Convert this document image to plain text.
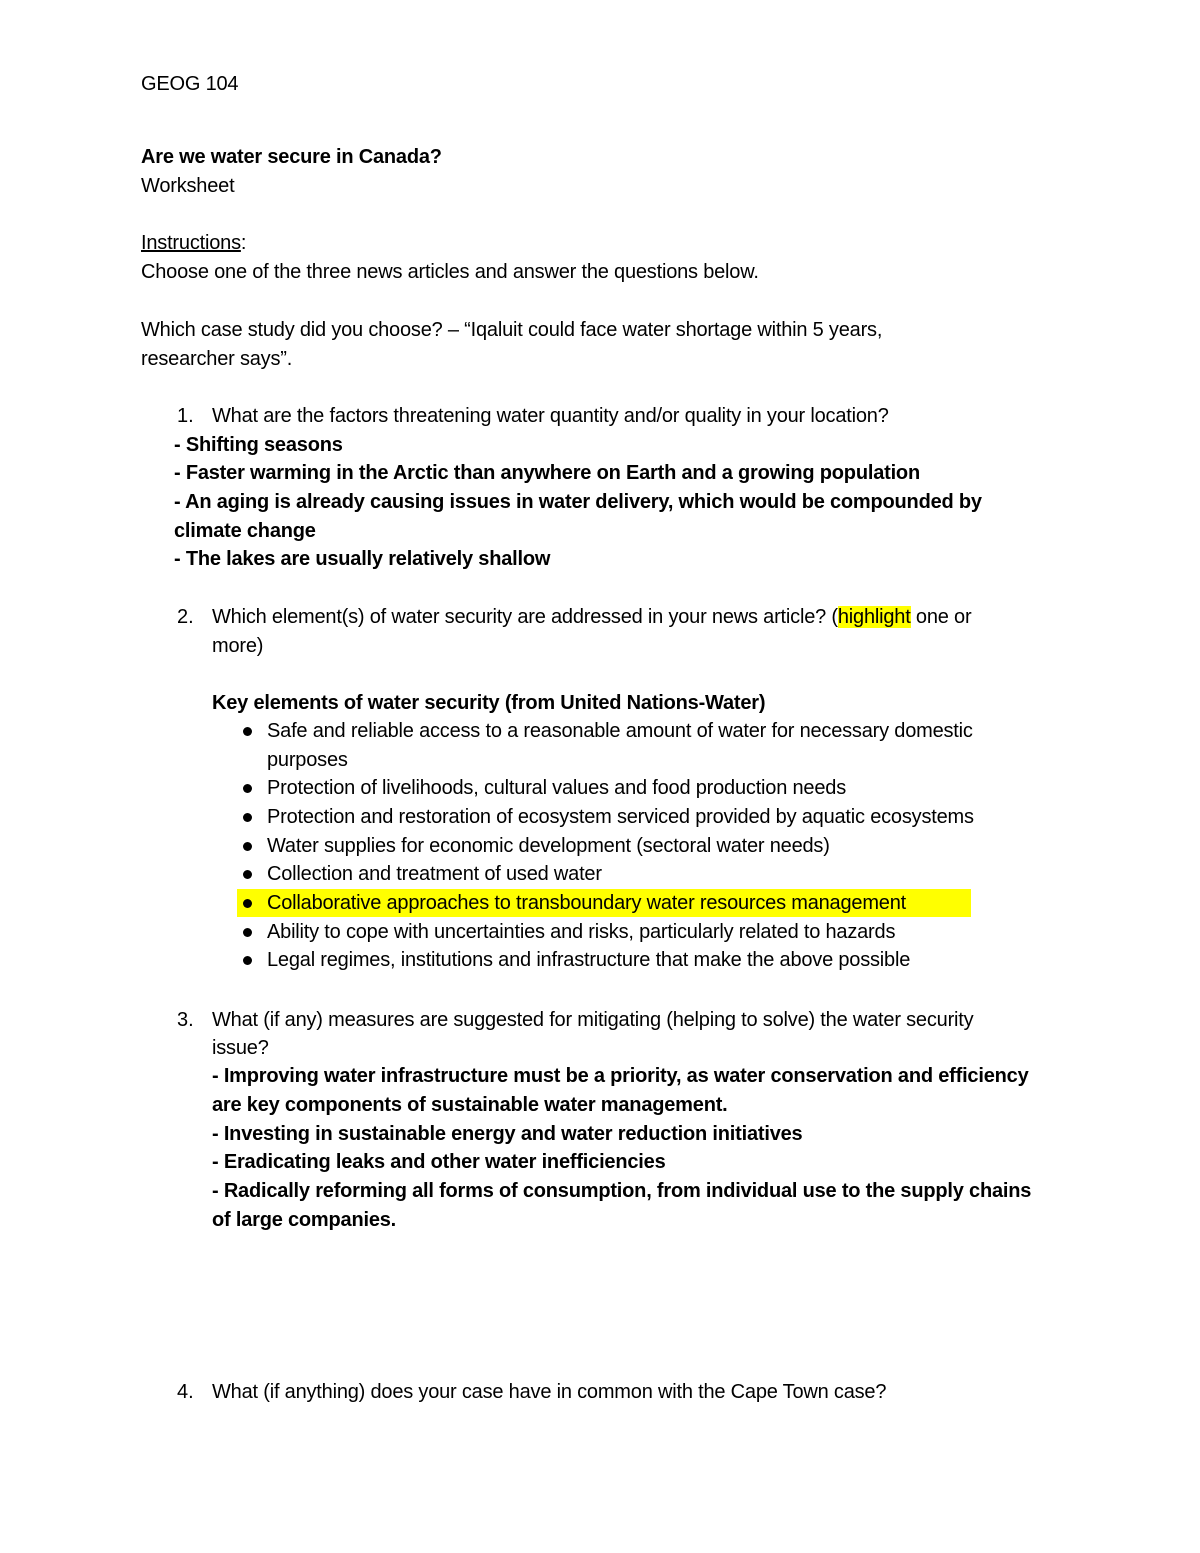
GEOG 104
Are we water secure in Canada?
Worksheet
Instructions:
Choose one of the three news articles and answer the questions below.
Which case study did you choose? – “Iqaluit could face water shortage within 5 years,
researcher says”.
1. What are the factors threatening water quantity and/or quality in your location?
- Shifting seasons
- Faster warming in the Arctic than anywhere on Earth and a growing population
- An aging is already causing issues in water delivery, which would be compounded by
climate change
- The lakes are usually relatively shallow
2. Which element(s) of water security are addressed in your news article? (highlight one or
more)
Key elements of water security (from United Nations-Water)
Safe and reliable access to a reasonable amount of water for necessary domestic
purposes
Protection of livelihoods, cultural values and food production needs
Protection and restoration of ecosystem serviced provided by aquatic ecosystems
Water supplies for economic development (sectoral water needs)
Collection and treatment of used water
Collaborative approaches to transboundary water resources management
Ability to cope with uncertainties and risks, particularly related to hazards
Legal regimes, institutions and infrastructure that make the above possible
3. What (if any) measures are suggested for mitigating (helping to solve) the water security
issue?
- Improving water infrastructure must be a priority, as water conservation and efficiency
are key components of sustainable water management.
- Investing in sustainable energy and water reduction initiatives
- Eradicating leaks and other water inefficiencies
- Radically reforming all forms of consumption, from individual use to the supply chains
of large companies.
4. What (if anything) does your case have in common with the Cape Town case?
